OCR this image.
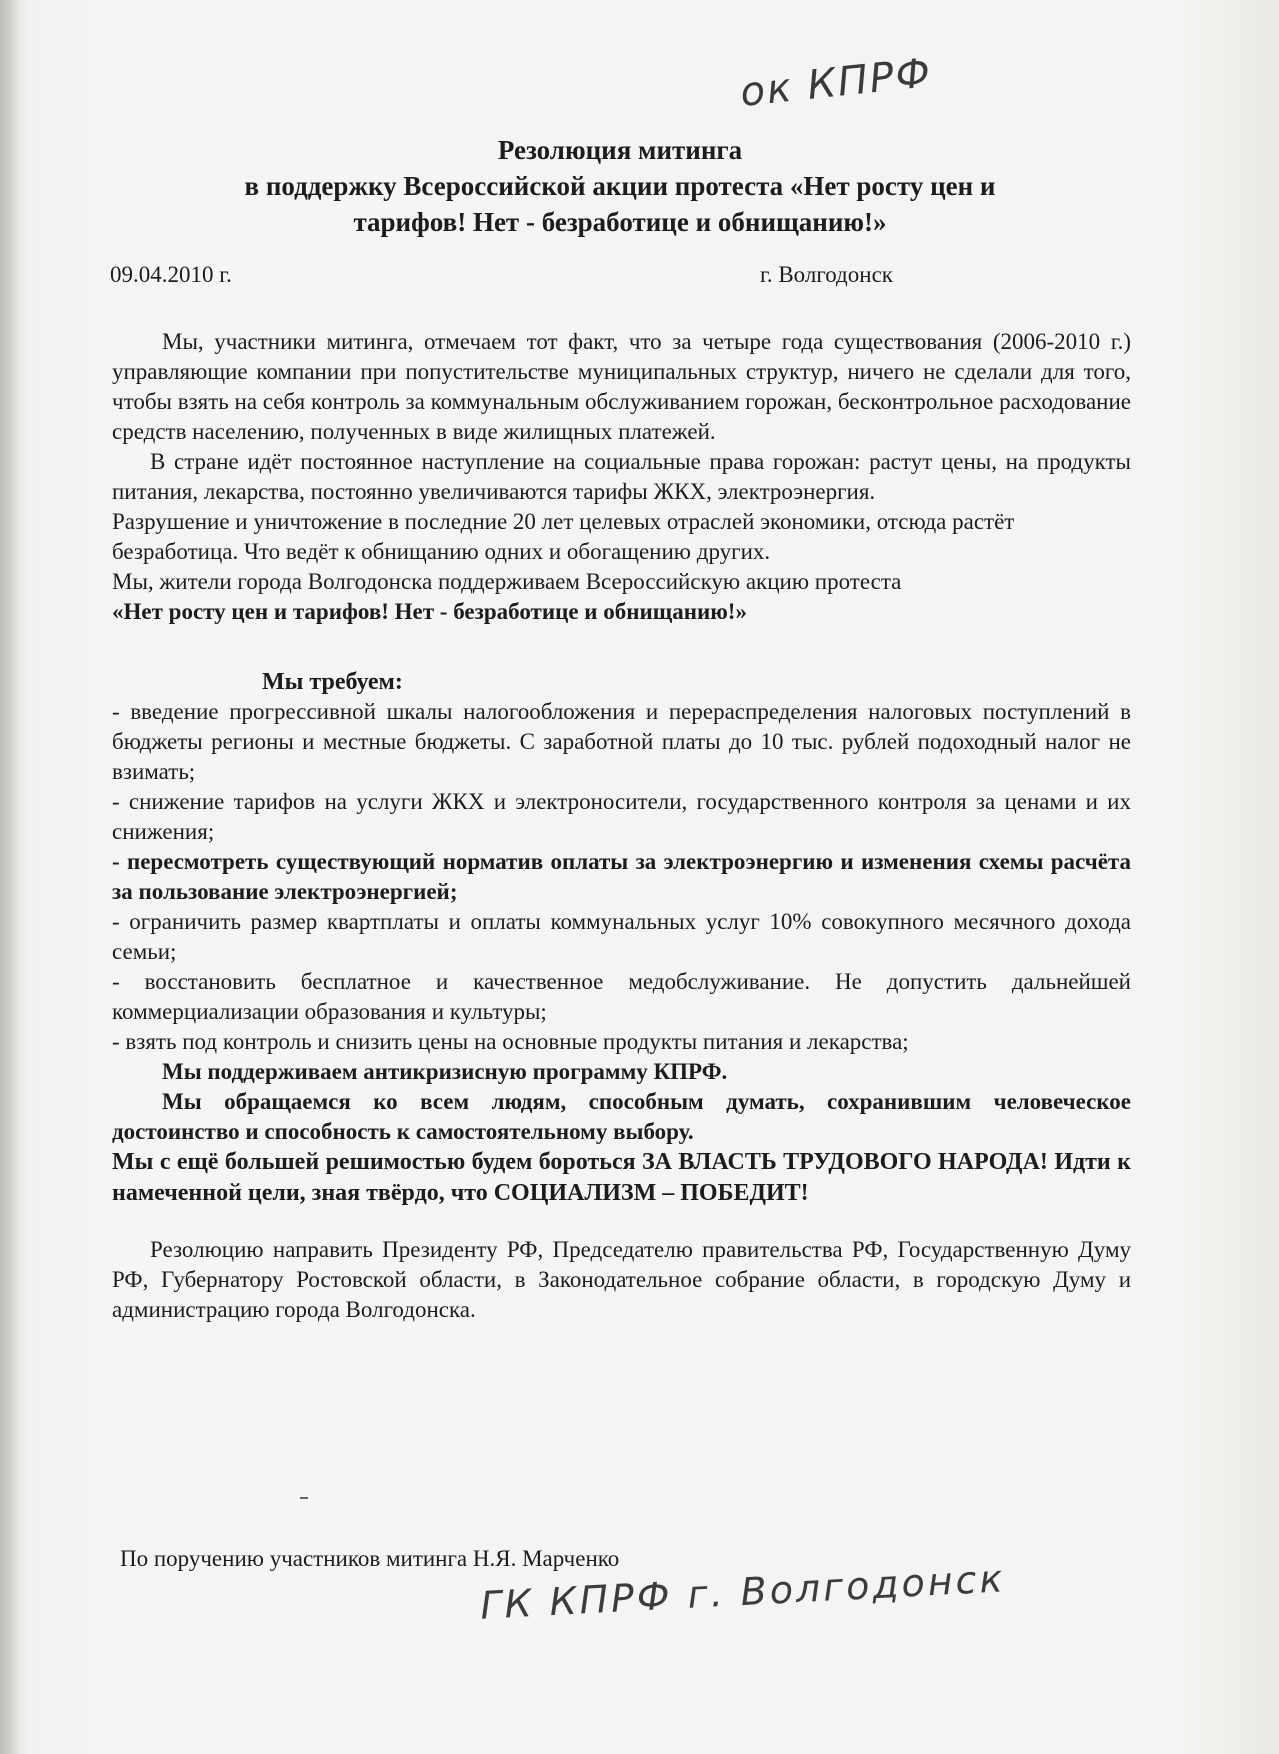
ок КПРФ
Резолюция митинга
в поддержку Всероссийской акции протеста «Нет росту цен и
тарифов! Нет - безработице и обнищанию!»
09.04.2010 г.	г. Волгодонск

Мы, участники митинга, отмечаем тот факт, что за четыре года существования (2006-2010 г.) управляющие компании при попустительстве муниципальных структур, ничего не сделали для того, чтобы взять на себя контроль за коммунальным обслуживанием горожан, бесконтрольное расходование средств населению, полученных в виде жилищных платежей.

В стране идёт постоянное наступление на социальные права горожан: растут цены, на продукты питания, лекарства, постоянно увеличиваются тарифы ЖКХ, электроэнергия.

Разрушение и уничтожение в последние 20 лет целевых отраслей экономики, отсюда растёт безработица. Что ведёт к обнищанию одних и обогащению других.

Мы, жители города Волгодонска поддерживаем Всероссийскую акцию протеста

«Нет росту цен и тарифов! Нет - безработице и обнищанию!»

Мы требуем:

- введение прогрессивной шкалы налогообложения и перераспределения налоговых поступлений в бюджеты регионы и местные бюджеты. С заработной платы до 10 тыс. рублей подоходный налог не взимать;

- снижение тарифов на услуги ЖКХ и электроносители, государственного контроля за ценами и их снижения;

- пересмотреть существующий норматив оплаты за электроэнергию и изменения схемы расчёта за пользование электроэнергией;

- ограничить размер квартплаты и оплаты коммунальных услуг 10% совокупного месячного дохода семьи;

- восстановить бесплатное и качественное медобслуживание. Не допустить дальнейшей коммерциализации образования и культуры;

- взять под контроль и снизить цены на основные продукты питания и лекарства;

Мы поддерживаем антикризисную программу КПРФ.

Мы обращаемся ко всем людям, способным думать, сохранившим человеческое достоинство и способность к самостоятельному выбору.

Мы с ещё большей решимостью будем бороться ЗА ВЛАСТЬ ТРУДОВОГО НАРОДА! Идти к намеченной цели, зная твёрдо, что СОЦИАЛИЗМ – ПОБЕДИТ!

Резолюцию направить Президенту РФ, Председателю правительства РФ, Государственную Думу РФ, Губернатору Ростовской области, в Законодательное собрание области, в городскую Думу и администрацию города Волгодонска.

По поручению участников митинга Н.Я. Марченко
ГК КПРФ г. Волгодонск
